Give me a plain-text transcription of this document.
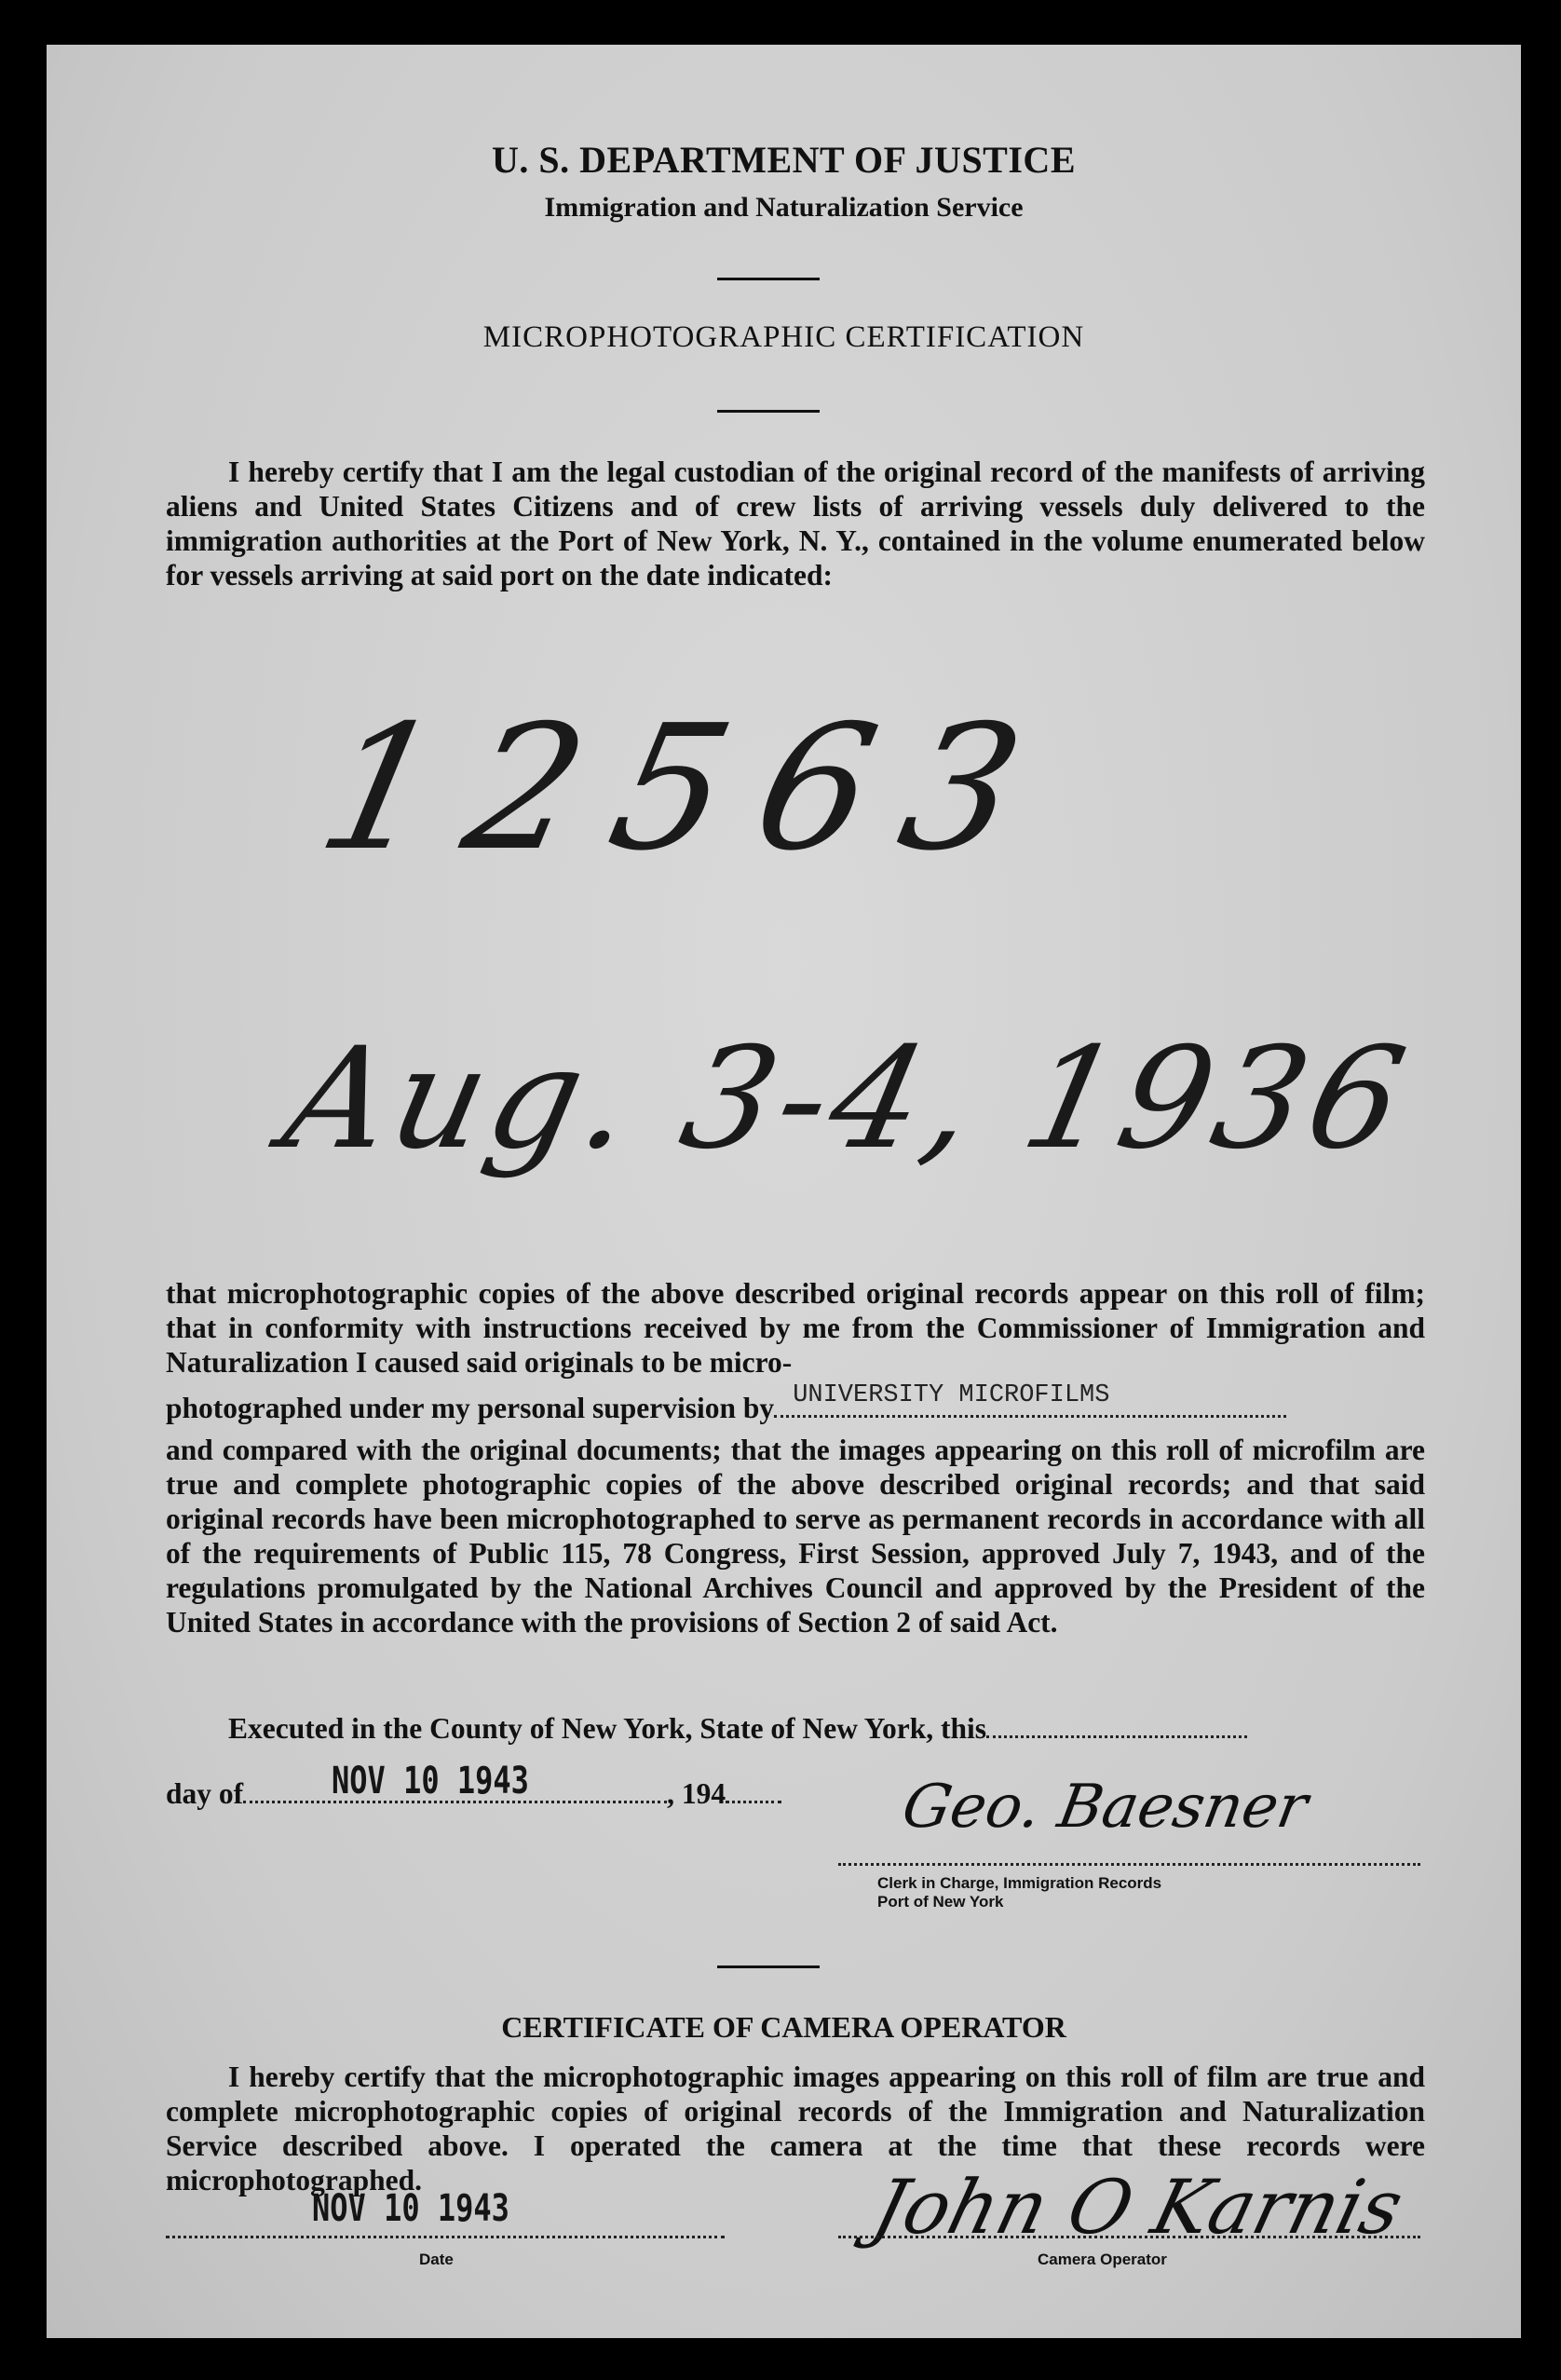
U. S. DEPARTMENT OF JUSTICE
Immigration and Naturalization Service
MICROPHOTOGRAPHIC CERTIFICATION
I hereby certify that I am the legal custodian of the original record of the manifests of arriving aliens and United States Citizens and of crew lists of arriving vessels duly delivered to the immigration authorities at the Port of New York, N. Y., contained in the volume enumerated below for vessels arriving at said port on the date indicated:
12563
Aug. 3-4, 1936
that microphotographic copies of the above described original records appear on this roll of film; that in conformity with instructions received by me from the Commissioner of Immigration and Naturalization I caused said originals to be micro-
photographed under my personal supervision by UNIVERSITY MICROFILMS
and compared with the original documents; that the images appearing on this roll of microfilm are true and complete photographic copies of the above described original records; and that said original records have been microphotographed to serve as permanent records in accordance with all of the requirements of Public 115, 78 Congress, First Session, approved July 7, 1943, and of the regulations promulgated by the National Archives Council and approved by the President of the United States in accordance with the provisions of Section 2 of said Act.
Executed in the County of New York, State of New York, this
day of NOV 10 1943	, 194	Geo. Baesner
Clerk in Charge, Immigration Records
Port of New York
CERTIFICATE OF CAMERA OPERATOR
I hereby certify that the microphotographic images appearing on this roll of film are true and complete microphotographic copies of original records of the Immigration and Naturalization Service described above. I operated the camera at the time that these records were microphotographed.
NOV 10 1943
Date
John O Karnis
Camera Operator
